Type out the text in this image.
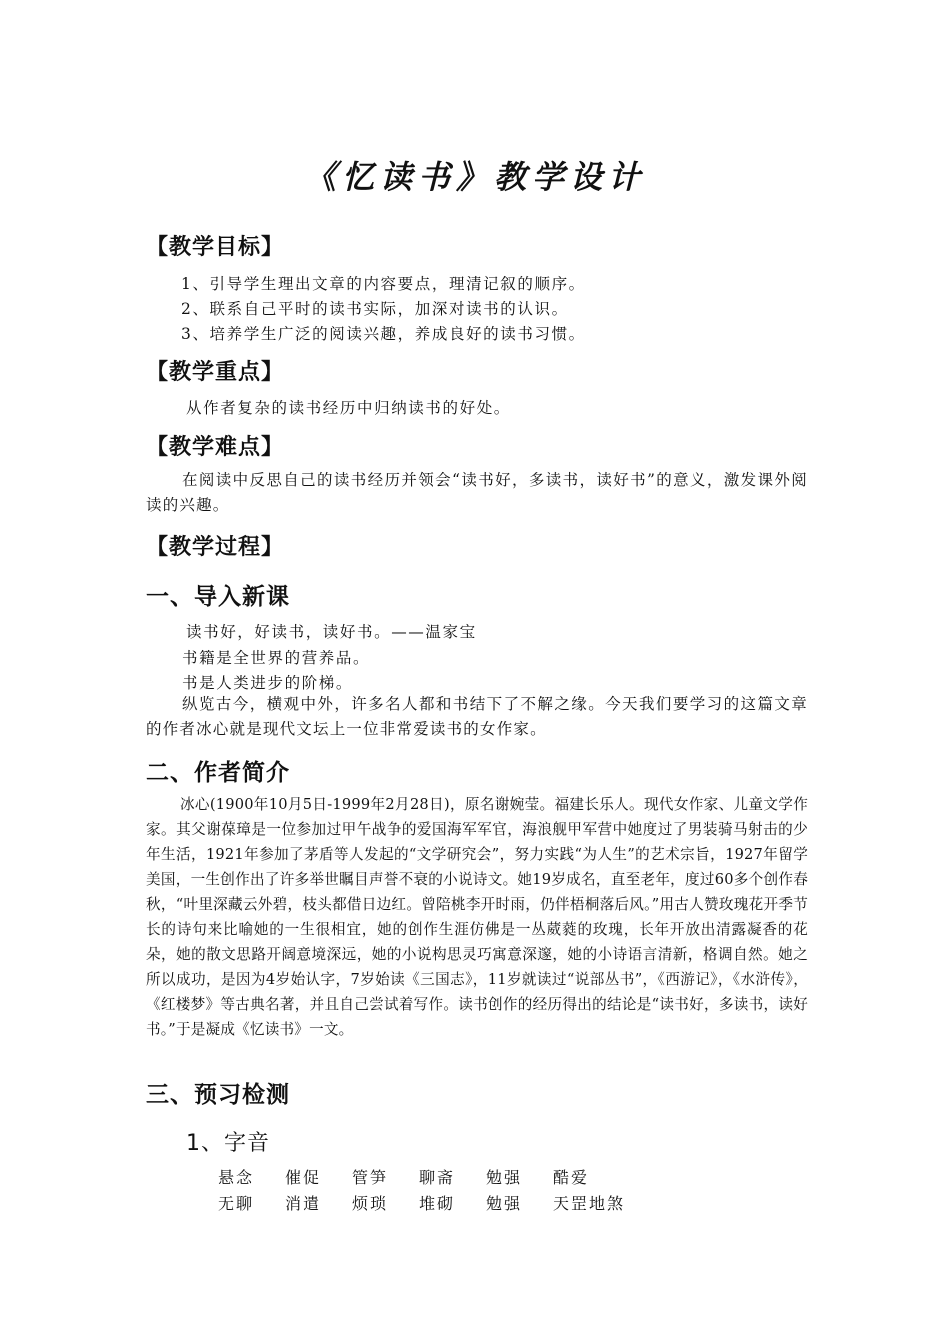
《忆读书》教学设计
【教学目标】
1、引导学生理出文章的内容要点，理清记叙的顺序。
2、联系自己平时的读书实际，加深对读书的认识。
3、培养学生广泛的阅读兴趣，养成良好的读书习惯。
【教学重点】
从作者复杂的读书经历中归纳读书的好处。
【教学难点】
在阅读中反思自己的读书经历并领会“读书好，多读书，读好书”的意义，激发课外阅读的兴趣。
【教学过程】
一、导入新课
读书好，好读书，读好书。——温家宝
书籍是全世界的营养品。
书是人类进步的阶梯。
纵览古今，横观中外，许多名人都和书结下了不解之缘。今天我们要学习的这篇文章的作者冰心就是现代文坛上一位非常爱读书的女作家。
二、作者简介
冰心(1900年10月5日-1999年2月28日)，原名谢婉莹。福建长乐人。现代女作家、儿童文学作家。其父谢葆璋是一位参加过甲午战争的爱国海军军官，海浪舰甲军营中她度过了男装骑马射击的少年生活，1921年参加了茅盾等人发起的“文学研究会”，努力实践“为人生”的艺术宗旨，1927年留学美国，一生创作出了许多举世瞩目声誉不衰的小说诗文。她19岁成名，直至老年，度过60多个创作春秋，“叶里深藏云外碧，枝头都借日边红。曾陪桃李开时雨，仍伴梧桐落后风。”用古人赞玫瑰花开季节长的诗句来比喻她的一生很相宜，她的创作生涯仿佛是一丛葳蕤的玫瑰，长年开放出清露凝香的花朵，她的散文思路开阔意境深远，她的小说构思灵巧寓意深邃，她的小诗语言清新，格调自然。她之所以成功，是因为4岁始认字，7岁始读《三国志》，11岁就读过“说部丛书”，《西游记》，《水浒传》，《红楼梦》等古典名著，并且自己尝试着写作。读书创作的经历得出的结论是“读书好，多读书，读好书。”于是凝成《忆读书》一文。
三、预习检测
1、字音
悬念	催促	管笋	聊斋	勉强	酷爱
无聊	消遣	烦琐	堆砌	勉强	天罡地煞
